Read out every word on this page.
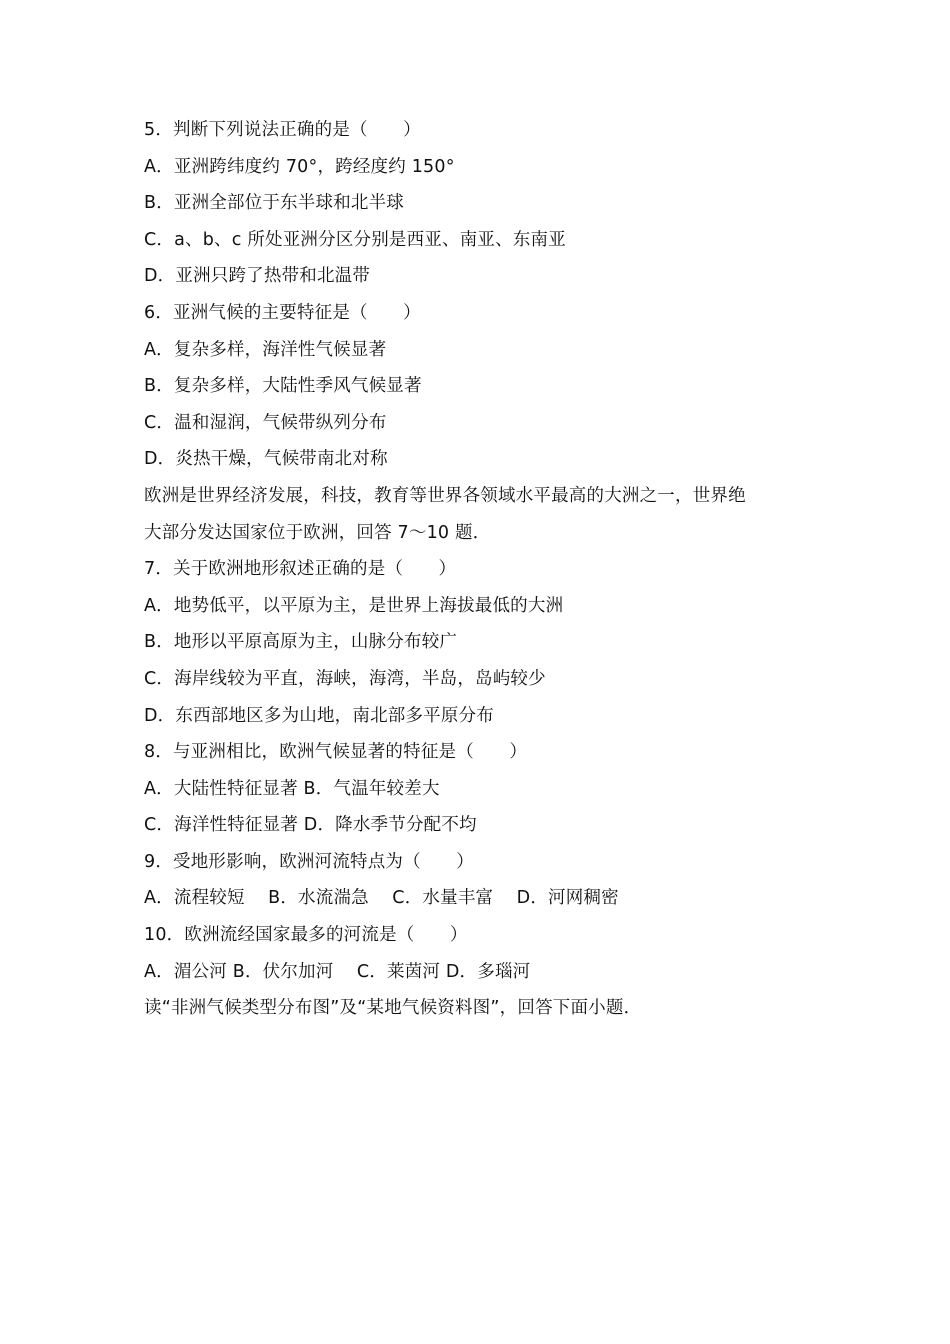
5．判断下列说法正确的是（　　）
A．亚洲跨纬度约 70°，跨经度约 150°
B．亚洲全部位于东半球和北半球
C．a、b、c 所处亚洲分区分别是西亚、南亚、东南亚
D．亚洲只跨了热带和北温带
6．亚洲气候的主要特征是（　　）
A．复杂多样，海洋性气候显著
B．复杂多样，大陆性季风气候显著
C．温和湿润，气候带纵列分布
D．炎热干燥，气候带南北对称
欧洲是世界经济发展，科技，教育等世界各领域水平最高的大洲之一，世界绝
大部分发达国家位于欧洲，回答 7～10 题．
7．关于欧洲地形叙述正确的是（　　）
A．地势低平，以平原为主，是世界上海拔最低的大洲
B．地形以平原高原为主，山脉分布较广
C．海岸线较为平直，海峡，海湾，半岛，岛屿较少
D．东西部地区多为山地，南北部多平原分布
8．与亚洲相比，欧洲气候显著的特征是（　　）
A．大陆性特征显著 B．气温年较差大
C．海洋性特征显著 D．降水季节分配不均
9．受地形影响，欧洲河流特点为（　　）
A．流程较短　 B．水流湍急　 C．水量丰富　 D．河网稠密
10．欧洲流经国家最多的河流是（　　）
A．湄公河 B．伏尔加河　 C．莱茵河 D．多瑙河
读“非洲气候类型分布图”及“某地气候资料图”，回答下面小题．
